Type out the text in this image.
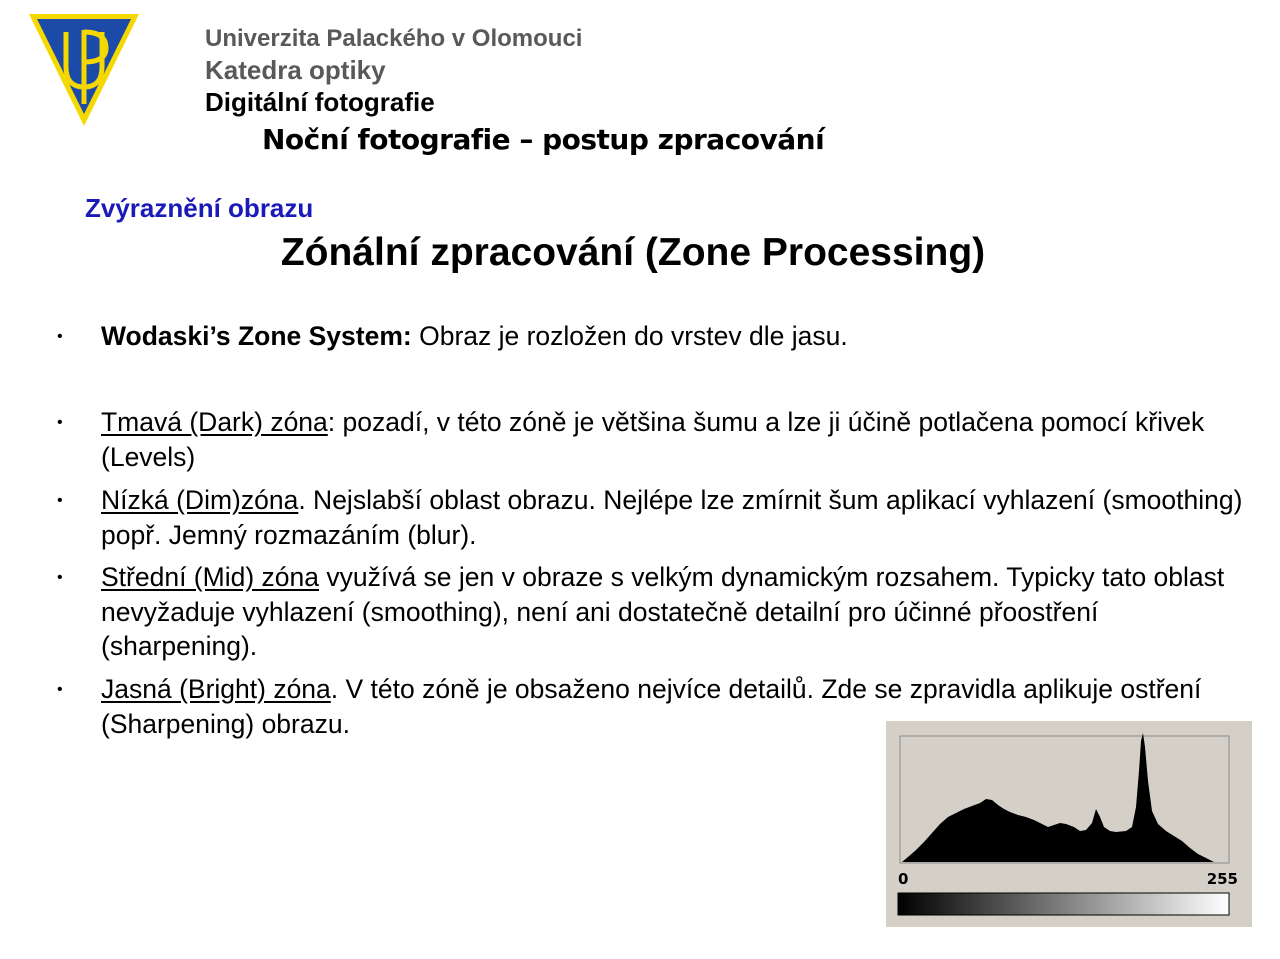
Univerzita Palackého v Olomouci
Katedra optiky
Digitální fotografie
Noční fotografie – postup zpracování
Zvýraznění obrazu
Zónální zpracování (Zone Processing)
• Wodaski’s Zone System: Obraz je rozložen do vrstev dle jasu.
• Tmavá (Dark) zóna: pozadí, v této zóně je většina šumu a lze ji účině potlačena pomocí křivek (Levels)
• Nízká (Dim)zóna. Nejslabší oblast obrazu. Nejlépe lze zmírnit šum aplikací vyhlazení (smoothing) popř. Jemný rozmazáním (blur).
• Střední (Mid) zóna využívá se jen v obraze s velkým dynamickým rozsahem. Typicky tato oblast nevyžaduje vyhlazení (smoothing), není ani dostatečně detailní pro účinné přoostření (sharpening).
• Jasná (Bright) zóna. V této zóně je obsaženo nejvíce detailů. Zde se zpravidla aplikuje ostření (Sharpening) obrazu.
0	255
